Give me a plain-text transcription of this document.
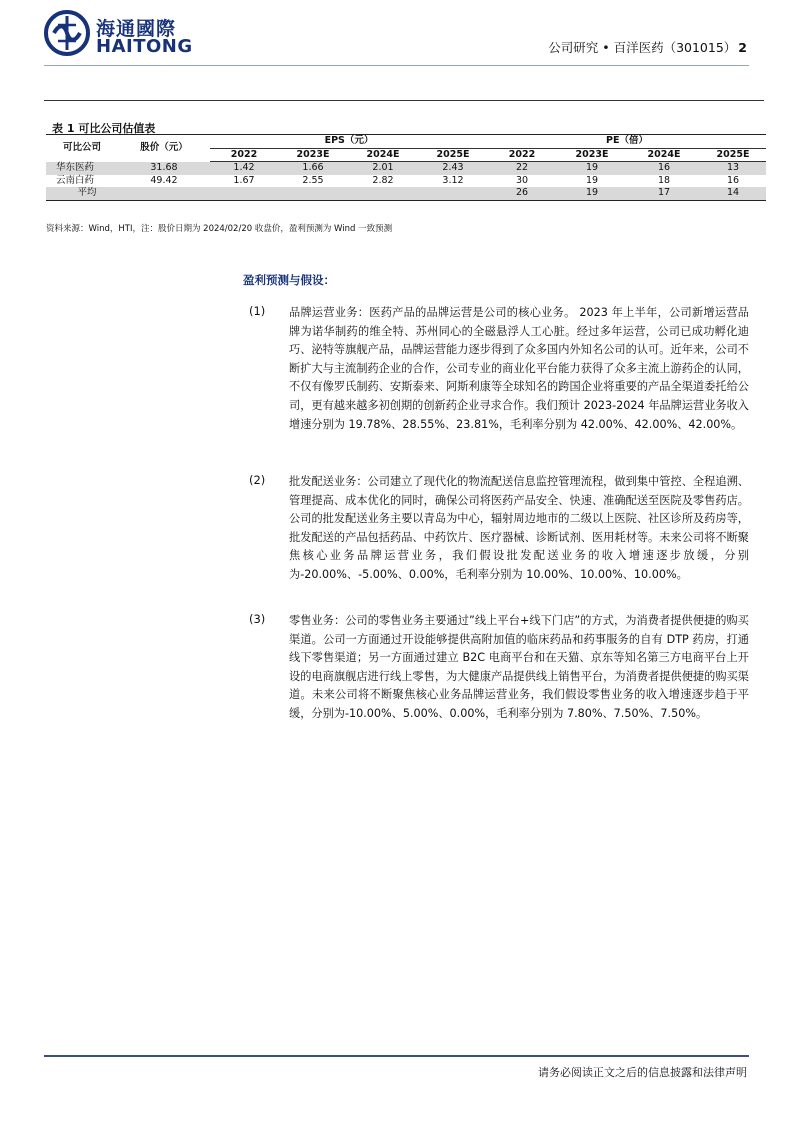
海通國際
HAITONG	公司研究 • 百洋医药（301015） 2
表 1 可比公司估值表
可比公司	股价（元）	EPS（元）				PE（倍）			
		2022	2023E	2024E	2025E	2022	2023E	2024E	2025E
华东医药	31.68	1.42	1.66	2.01	2.43	22	19	16	13
云南白药	49.42	1.67	2.55	2.82	3.12	30	19	18	16
平均						26	19	17	14
资料来源：Wind，HTI，注：股价日期为 2024/02/20 收盘价，盈利预测为 Wind 一致预测
盈利预测与假设：
(1) 品牌运营业务：医药产品的品牌运营是公司的核心业务。 2023 年上半年，公司新增运营品牌为诺华制药的维全特、苏州同心的全磁悬浮人工心脏。经过多年运营，公司已成功孵化迪巧、泌特等旗舰产品，品牌运营能力逐步得到了众多国内外知名公司的认可。近年来，公司不断扩大与主流制药企业的合作，公司专业的商业化平台能力获得了众多主流上游药企的认同，不仅有像罗氏制药、安斯泰来、阿斯利康等全球知名的跨国企业将重要的产品全渠道委托给公司，更有越来越多初创期的创新药企业寻求合作。我们预计 2023-2024 年品牌运营业务收入增速分别为 19.78%、28.55%、23.81%，毛利率分别为 42.00%、42.00%、42.00%。
(2) 批发配送业务：公司建立了现代化的物流配送信息监控管理流程，做到集中管控、全程追溯、管理提高、成本优化的同时，确保公司将医药产品安全、快速、准确配送至医院及零售药店。公司的批发配送业务主要以青岛为中心，辐射周边地市的二级以上医院、社区诊所及药房等，批发配送的产品包括药品、中药饮片、医疗器械、诊断试剂、医用耗材等。未来公司将不断聚焦核心业务品牌运营业务，我们假设批发配送业务的收入增速逐步放缓，分别为-20.00%、-5.00%、0.00%，毛利率分别为 10.00%、10.00%、10.00%。
(3) 零售业务：公司的零售业务主要通过”线上平台+线下门店”的方式，为消费者提供便捷的购买渠道。公司一方面通过开设能够提供高附加值的临床药品和药事服务的自有 DTP 药房，打通线下零售渠道；另一方面通过建立 B2C 电商平台和在天猫、京东等知名第三方电商平台上开设的电商旗舰店进行线上零售，为大健康产品提供线上销售平台，为消费者提供便捷的购买渠道。未来公司将不断聚焦核心业务品牌运营业务，我们假设零售业务的收入增速逐步趋于平缓，分别为-10.00%、5.00%、0.00%，毛利率分别为 7.80%、7.50%、7.50%。
请务必阅读正文之后的信息披露和法律声明
